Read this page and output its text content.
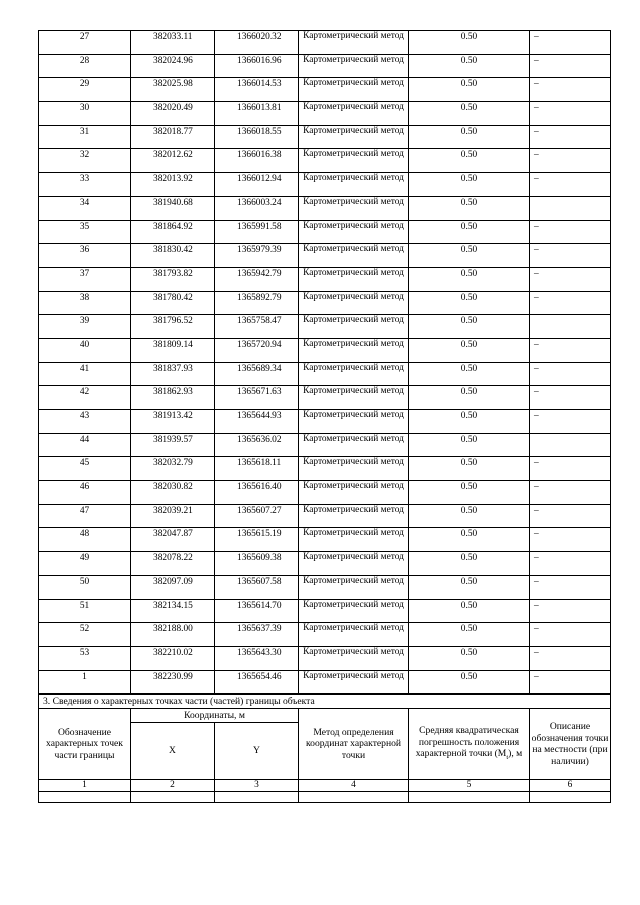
27	382033.11	1366020.32	Картометрический метод	0.50	–
28	382024.96	1366016.96	Картометрический метод	0.50	–
29	382025.98	1366014.53	Картометрический метод	0.50	–
30	382020.49	1366013.81	Картометрический метод	0.50	–
31	382018.77	1366018.55	Картометрический метод	0.50	–
32	382012.62	1366016.38	Картометрический метод	0.50	–
33	382013.92	1366012.94	Картометрический метод	0.50	–
34	381940.68	1366003.24	Картометрический метод	0.50	
35	381864.92	1365991.58	Картометрический метод	0.50	–
36	381830.42	1365979.39	Картометрический метод	0.50	–
37	381793.82	1365942.79	Картометрический метод	0.50	–
38	381780.42	1365892.79	Картометрический метод	0.50	–
39	381796.52	1365758.47	Картометрический метод	0.50	
40	381809.14	1365720.94	Картометрический метод	0.50	–
41	381837.93	1365689.34	Картометрический метод	0.50	–
42	381862.93	1365671.63	Картометрический метод	0.50	–
43	381913.42	1365644.93	Картометрический метод	0.50	–
44	381939.57	1365636.02	Картометрический метод	0.50	
45	382032.79	1365618.11	Картометрический метод	0.50	–
46	382030.82	1365616.40	Картометрический метод	0.50	–
47	382039.21	1365607.27	Картометрический метод	0.50	–
48	382047.87	1365615.19	Картометрический метод	0.50	–
49	382078.22	1365609.38	Картометрический метод	0.50	–
50	382097.09	1365607.58	Картометрический метод	0.50	–
51	382134.15	1365614.70	Картометрический метод	0.50	–
52	382188.00	1365637.39	Картометрический метод	0.50	–
53	382210.02	1365643.30	Картометрический метод	0.50	–
1	382230.99	1365654.46	Картометрический метод	0.50	–
3. Сведения о характерных точках части (частей) границы объекта					
Обозначение характерных точек части границы	Координаты, м		Метод определения координат характерной точки	Средняя квадратическая погрешность положения характерной точки $(M_t)$, м	Описание обозначения точки на местности (при наличии)
	X	Y			
1	2	3	4	5	6
